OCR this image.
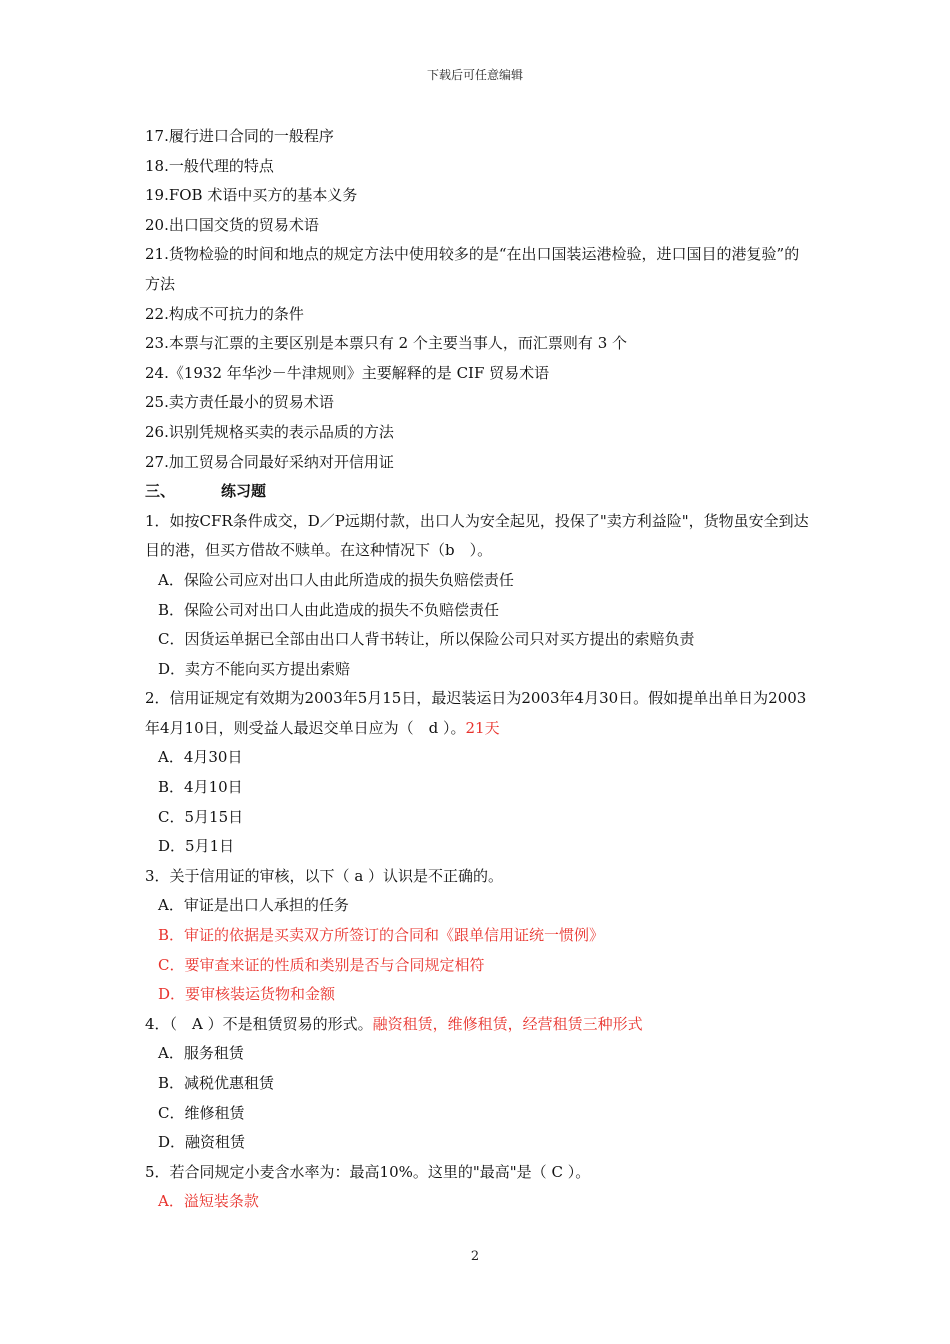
下载后可任意编辑
17.履行进口合同的一般程序
18.一般代理的特点
19.FOB 术语中买方的基本义务
20.出口国交货的贸易术语
21.货物检验的时间和地点的规定方法中使用较多的是“在出口国装运港检验，进口国目的港复验”的方法
22.构成不可抗力的条件
23.本票与汇票的主要区别是本票只有 2 个主要当事人，而汇票则有 3 个
24.《1932 年华沙－牛津规则》主要解释的是 CIF 贸易术语
25.卖方责任最小的贸易术语
26.识别凭规格买卖的表示品质的方法
27.加工贸易合同最好采纳对开信用证
三、	练习题
1．如按CFR条件成交，D／P远期付款，出口人为安全起见，投保了"卖方利益险"，货物虽安全到达目的港，但买方借故不赎单。在这种情况下（b　）。
A．保险公司应对出口人由此所造成的损失负赔偿责任
B．保险公司对出口人由此造成的损失不负赔偿责任
C．因货运单据已全部由出口人背书转让，所以保险公司只对买方提出的索赔负责
D．卖方不能向买方提出索赔
2．信用证规定有效期为2003年5月15日，最迟装运日为2003年4月30日。假如提单出单日为2003年4月10日，则受益人最迟交单日应为（　d ）。21天
A．4月30日
B．4月10日
C．5月15日
D．5月1日
3．关于信用证的审核，以下（ a ）认识是不正确的。
A．审证是出口人承担的任务
B．审证的依据是买卖双方所签订的合同和《跟单信用证统一惯例》
C．要审查来证的性质和类别是否与合同规定相符
D．要审核装运货物和金额
4．（　A ）不是租赁贸易的形式。融资租赁，维修租赁，经营租赁三种形式
A．服务租赁
B．减税优惠租赁
C．维修租赁
D．融资租赁
5．若合同规定小麦含水率为：最高10%。这里的"最高"是（ C ）。
A．溢短装条款
2
